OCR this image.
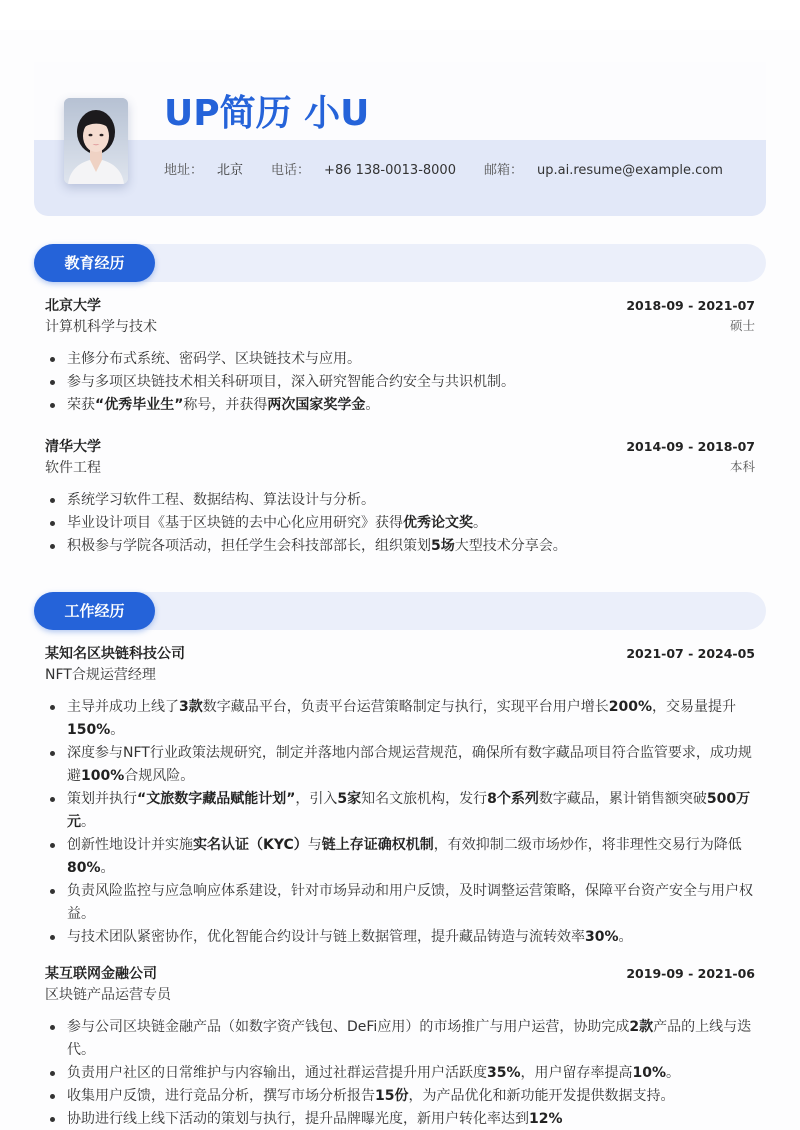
UP简历 小U
地址： 北京 电话： +86 138-0013-8000 邮箱： up.ai.resume@example.com
教育经历
北京大学	2018-09 - 2021-07
计算机科学与技术	硕士
主修分布式系统、密码学、区块链技术与应用。
参与多项区块链技术相关科研项目，深入研究智能合约安全与共识机制。
荣获“优秀毕业生”称号，并获得两次国家奖学金。
清华大学	2014-09 - 2018-07
软件工程	本科
系统学习软件工程、数据结构、算法设计与分析。
毕业设计项目《基于区块链的去中心化应用研究》获得优秀论文奖。
积极参与学院各项活动，担任学生会科技部部长，组织策划5场大型技术分享会。
工作经历
某知名区块链科技公司	2021-07 - 2024-05
NFT合规运营经理
主导并成功上线了3款数字藏品平台，负责平台运营策略制定与执行，实现平台用户增长200%，交易量提升150%。
深度参与NFT行业政策法规研究，制定并落地内部合规运营规范，确保所有数字藏品项目符合监管要求，成功规避100%合规风险。
策划并执行“文旅数字藏品赋能计划”，引入5家知名文旅机构，发行8个系列数字藏品，累计销售额突破500万元。
创新性地设计并实施实名认证（KYC）与链上存证确权机制，有效抑制二级市场炒作，将非理性交易行为降低80%。
负责风险监控与应急响应体系建设，针对市场异动和用户反馈，及时调整运营策略，保障平台资产安全与用户权益。
与技术团队紧密协作，优化智能合约设计与链上数据管理，提升藏品铸造与流转效率30%。
某互联网金融公司	2019-09 - 2021-06
区块链产品运营专员
参与公司区块链金融产品（如数字资产钱包、DeFi应用）的市场推广与用户运营，协助完成2款产品的上线与迭代。
负责用户社区的日常维护与内容输出，通过社群运营提升用户活跃度35%，用户留存率提高10%。
收集用户反馈，进行竞品分析，撰写市场分析报告15份，为产品优化和新功能开发提供数据支持。
协助进行线上线下活动的策划与执行，提升品牌曝光度，新用户转化率达到12%
